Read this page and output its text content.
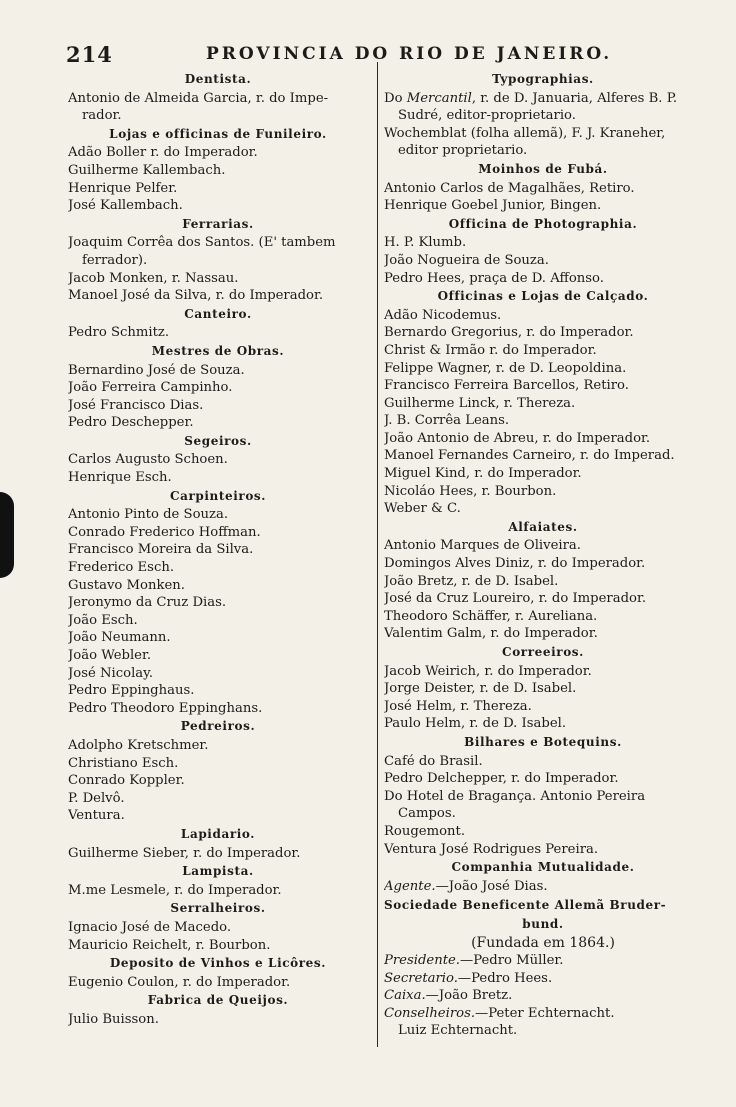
214	PROVINCIA DO RIO DE JANEIRO.
Dentista.
Antonio de Almeida Garcia, r. do Impe-
rador.
Lojas e officinas de Funileiro.
Adão Boller r. do Imperador.
Guilherme Kallembach.
Henrique Pelfer.
José Kallembach.
Ferrarias.
Joaquim Corrêa dos Santos. (E' tambem
ferrador).
Jacob Monken, r. Nassau.
Manoel José da Silva, r. do Imperador.
Canteiro.
Pedro Schmitz.
Mestres de Obras.
Bernardino José de Souza.
João Ferreira Campinho.
José Francisco Dias.
Pedro Deschepper.
Segeiros.
Carlos Augusto Schoen.
Henrique Esch.
Carpinteiros.
Antonio Pinto de Souza.
Conrado Frederico Hoffman.
Francisco Moreira da Silva.
Frederico Esch.
Gustavo Monken.
Jeronymo da Cruz Dias.
João Esch.
João Neumann.
João Webler.
José Nicolay.
Pedro Eppinghaus.
Pedro Theodoro Eppinghans.
Pedreiros.
Adolpho Kretschmer.
Christiano Esch.
Conrado Koppler.
P. Delvô.
Ventura.
Lapidario.
Guilherme Sieber, r. do Imperador.
Lampista.
M.me Lesmele, r. do Imperador.
Serralheiros.
Ignacio José de Macedo.
Mauricio Reichelt, r. Bourbon.
Deposito de Vinhos e Licôres.
Eugenio Coulon, r. do Imperador.
Fabrica de Queijos.
Julio Buisson.
Typographias.
Do Mercantil, r. de D. Januaria, Alferes B. P.
Sudré, editor-proprietario.
Wochemblat (folha allemã), F. J. Kraneher,
editor proprietario.
Moinhos de Fubá.
Antonio Carlos de Magalhães, Retiro.
Henrique Goebel Junior, Bingen.
Officina de Photographia.
H. P. Klumb.
João Nogueira de Souza.
Pedro Hees, praça de D. Affonso.
Officinas e Lojas de Calçado.
Adão Nicodemus.
Bernardo Gregorius, r. do Imperador.
Christ & Irmão r. do Imperador.
Felippe Wagner, r. de D. Leopoldina.
Francisco Ferreira Barcellos, Retiro.
Guilherme Linck, r. Thereza.
J. B. Corrêa Leans.
João Antonio de Abreu, r. do Imperador.
Manoel Fernandes Carneiro, r. do Imperad.
Miguel Kind, r. do Imperador.
Nicoláo Hees, r. Bourbon.
Weber & C.
Alfaiates.
Antonio Marques de Oliveira.
Domingos Alves Diniz, r. do Imperador.
João Bretz, r. de D. Isabel.
José da Cruz Loureiro, r. do Imperador.
Theodoro Schäffer, r. Aureliana.
Valentim Galm, r. do Imperador.
Correeiros.
Jacob Weirich, r. do Imperador.
Jorge Deister, r. de D. Isabel.
José Helm, r. Thereza.
Paulo Helm, r. de D. Isabel.
Bilhares e Botequins.
Café do Brasil.
Pedro Delchepper, r. do Imperador.
Do Hotel de Bragança. Antonio Pereira
Campos.
Rougemont.
Ventura José Rodrigues Pereira.
Companhia Mutualidade.
Agente.—João José Dias.
Sociedade Beneficente Allemã Bruder-
bund.
(Fundada em 1864.)
Presidente.—Pedro Müller.
Secretario.—Pedro Hees.
Caixa.—João Bretz.
Conselheiros.—Peter Echternacht.
Luiz Echternacht.
